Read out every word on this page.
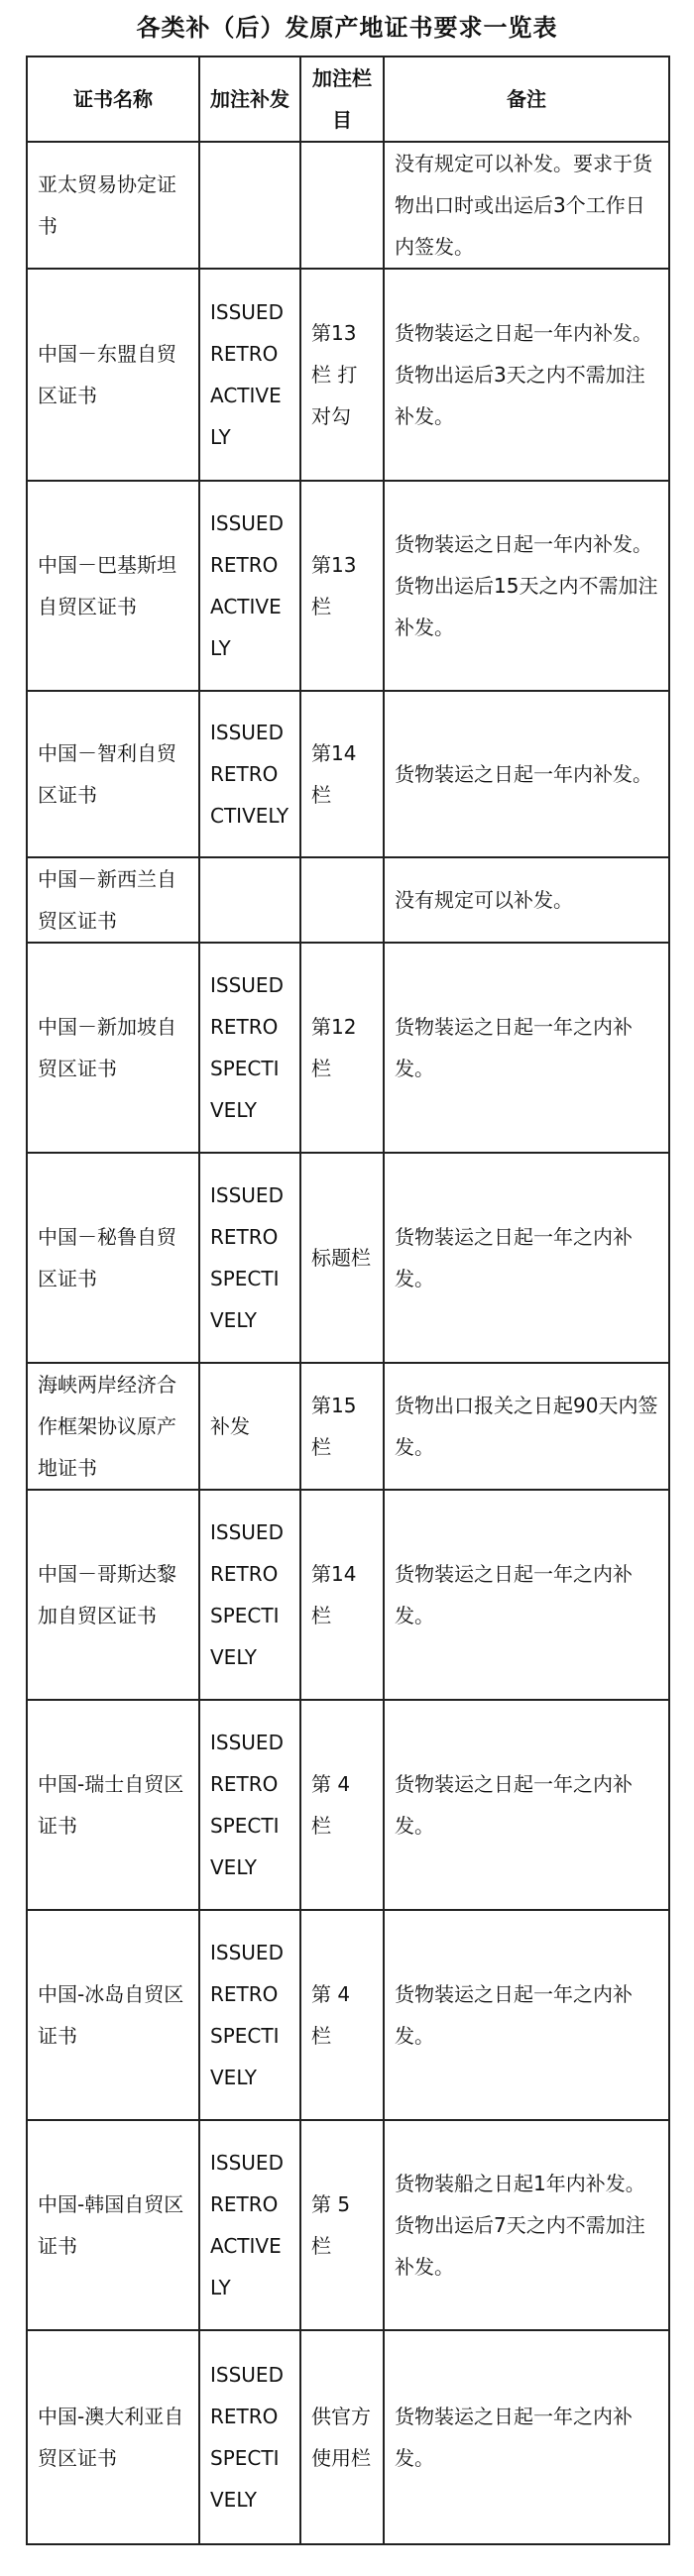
各类补（后）发原产地证书要求一览表
证书名称	加注补发	加注栏目	备注
亚太贸易协定证书			没有规定可以补发。要求于货物出口时或出运后3个工作日内签发。
中国－东盟自贸区证书	ISSUED RETROACTIVELY	第13栏 打对勾	货物装运之日起一年内补发。货物出运后3天之内不需加注补发。
中国－巴基斯坦自贸区证书	ISSUED RETROACTIVELY	第13栏	货物装运之日起一年内补发。货物出运后15天之内不需加注补发。
中国－智利自贸区证书	ISSUED RETROCTIVELY	第14栏	货物装运之日起一年内补发。
中国－新西兰自贸区证书			没有规定可以补发。
中国－新加坡自贸区证书	ISSUED RETROSPECTIVELY	第12栏	货物装运之日起一年之内补发。
中国－秘鲁自贸区证书	ISSUED RETROSPECTIVELY	标题栏	货物装运之日起一年之内补发。
海峡两岸经济合作框架协议原产地证书	补发	第15栏	货物出口报关之日起90天内签发。
中国－哥斯达黎加自贸区证书	ISSUED RETROSPECTIVELY	第14栏	货物装运之日起一年之内补发。
中国-瑞士自贸区证书	ISSUED RETROSPECTIVELY	第 4 栏	货物装运之日起一年之内补发。
中国-冰岛自贸区证书	ISSUED RETROSPECTIVELY	第 4 栏	货物装运之日起一年之内补发。
中国-韩国自贸区证书	ISSUED RETROACTIVELY	第 5 栏	货物装船之日起1年内补发。货物出运后7天之内不需加注补发。
中国-澳大利亚自贸区证书	ISSUED RETROSPECTIVELY	供官方使用栏	货物装运之日起一年之内补发。
